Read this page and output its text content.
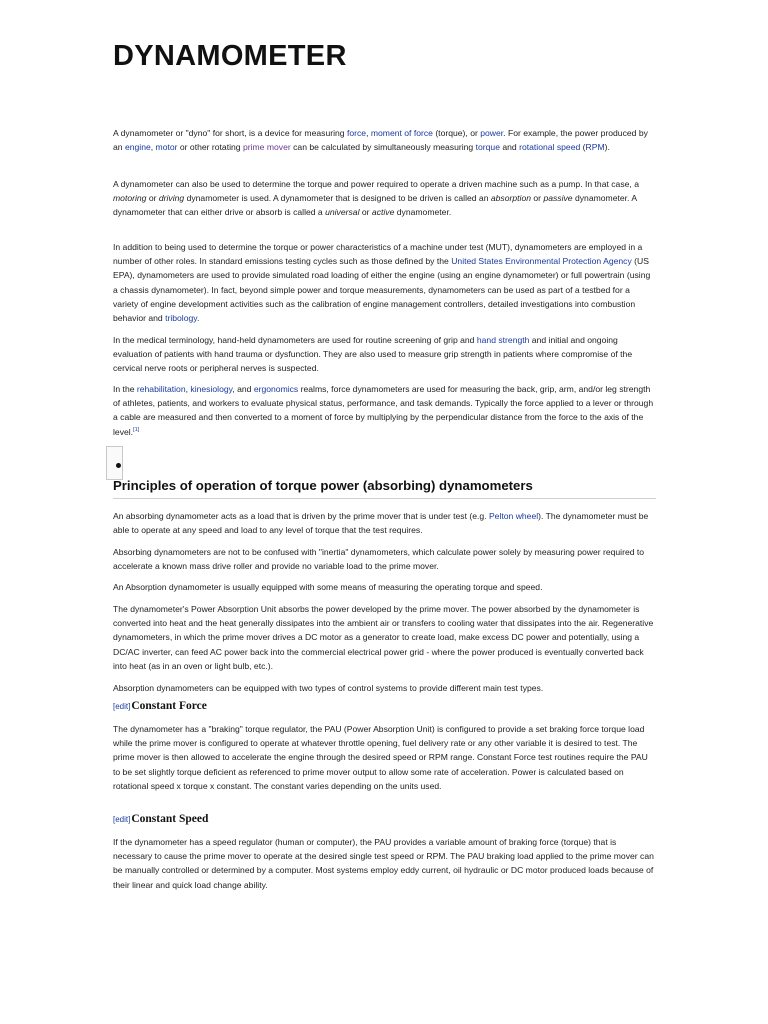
DYNAMOMETER

A dynamometer or "dyno" for short, is a device for measuring force, moment of force (torque), or power. For example, the power produced by an engine, motor or other rotating prime mover can be calculated by simultaneously measuring torque and rotational speed (RPM).

A dynamometer can also be used to determine the torque and power required to operate a driven machine such as a pump. In that case, a motoring or driving dynamometer is used. A dynamometer that is designed to be driven is called an absorption or passive dynamometer. A dynamometer that can either drive or absorb is called a universal or active dynamometer.

In addition to being used to determine the torque or power characteristics of a machine under test (MUT), dynamometers are employed in a number of other roles. In standard emissions testing cycles such as those defined by the United States Environmental Protection Agency (US EPA), dynamometers are used to provide simulated road loading of either the engine (using an engine dynamometer) or full powertrain (using a chassis dynamometer). In fact, beyond simple power and torque measurements, dynamometers can be used as part of a testbed for a variety of engine development activities such as the calibration of engine management controllers, detailed investigations into combustion behavior and tribology.

In the medical terminology, hand-held dynamometers are used for routine screening of grip and hand strength and initial and ongoing evaluation of patients with hand trauma or dysfunction. They are also used to measure grip strength in patients where compromise of the cervical nerve roots or peripheral nerves is suspected.

In the rehabilitation, kinesiology, and ergonomics realms, force dynamometers are used for measuring the back, grip, arm, and/or leg strength of athletes, patients, and workers to evaluate physical status, performance, and task demands. Typically the force applied to a lever or through a cable are measured and then converted to a moment of force by multiplying by the perpendicular distance from the force to the axis of the level.[1]

Principles of operation of torque power (absorbing) dynamometers

An absorbing dynamometer acts as a load that is driven by the prime mover that is under test (e.g. Pelton wheel). The dynamometer must be able to operate at any speed and load to any level of torque that the test requires.

Absorbing dynamometers are not to be confused with "inertia" dynamometers, which calculate power solely by measuring power required to accelerate a known mass drive roller and provide no variable load to the prime mover.

An Absorption dynamometer is usually equipped with some means of measuring the operating torque and speed.

The dynamometer's Power Absorption Unit absorbs the power developed by the prime mover. The power absorbed by the dynamometer is converted into heat and the heat generally dissipates into the ambient air or transfers to cooling water that dissipates into the air. Regenerative dynamometers, in which the prime mover drives a DC motor as a generator to create load, make excess DC power and potentially, using a DC/AC inverter, can feed AC power back into the commercial electrical power grid - where the power produced is eventually converted back into heat (as in an oven or light bulb, etc.).

Absorption dynamometers can be equipped with two types of control systems to provide different main test types.

[edit]Constant Force

The dynamometer has a "braking" torque regulator, the PAU (Power Absorption Unit) is configured to provide a set braking force torque load while the prime mover is configured to operate at whatever throttle opening, fuel delivery rate or any other variable it is desired to test. The prime mover is then allowed to accelerate the engine through the desired speed or RPM range. Constant Force test routines require the PAU to be set slightly torque deficient as referenced to prime mover output to allow some rate of acceleration. Power is calculated based on rotational speed x torque x constant. The constant varies depending on the units used.

[edit]Constant Speed

If the dynamometer has a speed regulator (human or computer), the PAU provides a variable amount of braking force (torque) that is necessary to cause the prime mover to operate at the desired single test speed or RPM. The PAU braking load applied to the prime mover can be manually controlled or determined by a computer. Most systems employ eddy current, oil hydraulic or DC motor produced loads because of their linear and quick load change ability.
